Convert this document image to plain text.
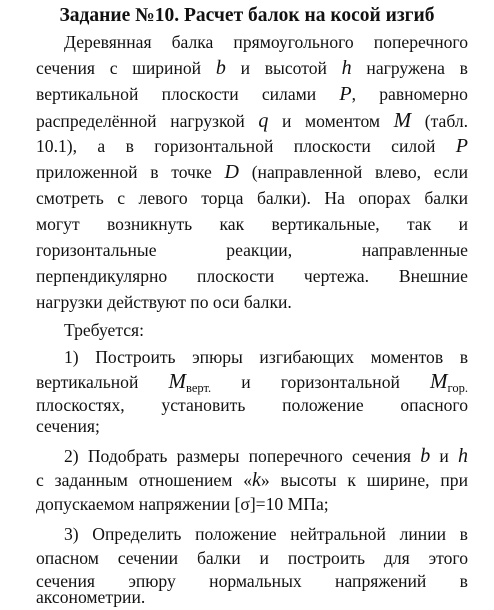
Задание №10. Расчет балок на косой изгиб
Деревянная балка прямоугольного поперечного
сечения с шириной b и высотой h нагружена в
вертикальной плоскости силами P, равномерно
распределённой нагрузкой q и моментом M (табл.
10.1), а в горизонтальной плоскости силой P
приложенной в точке D (направленной влево, если
смотреть с левого торца балки). На опорах балки
могут возникнуть как вертикальные, так и
горизонтальные реакции, направленные
перпендикулярно плоскости чертежа. Внешние
нагрузки действуют по оси балки.
Требуется:
1) Построить эпюры изгибающих моментов в
вертикальной Mверт. и горизонтальной Mгор.
плоскостях, установить положение опасного
сечения;
2) Подобрать размеры поперечного сечения b и h
с заданным отношением «k» высоты к ширине, при
допускаемом напряжении [σ]=10 МПа;
3) Определить положение нейтральной линии в
опасном сечении балки и построить для этого
сечения эпюру нормальных напряжений в
аксонометрии.
